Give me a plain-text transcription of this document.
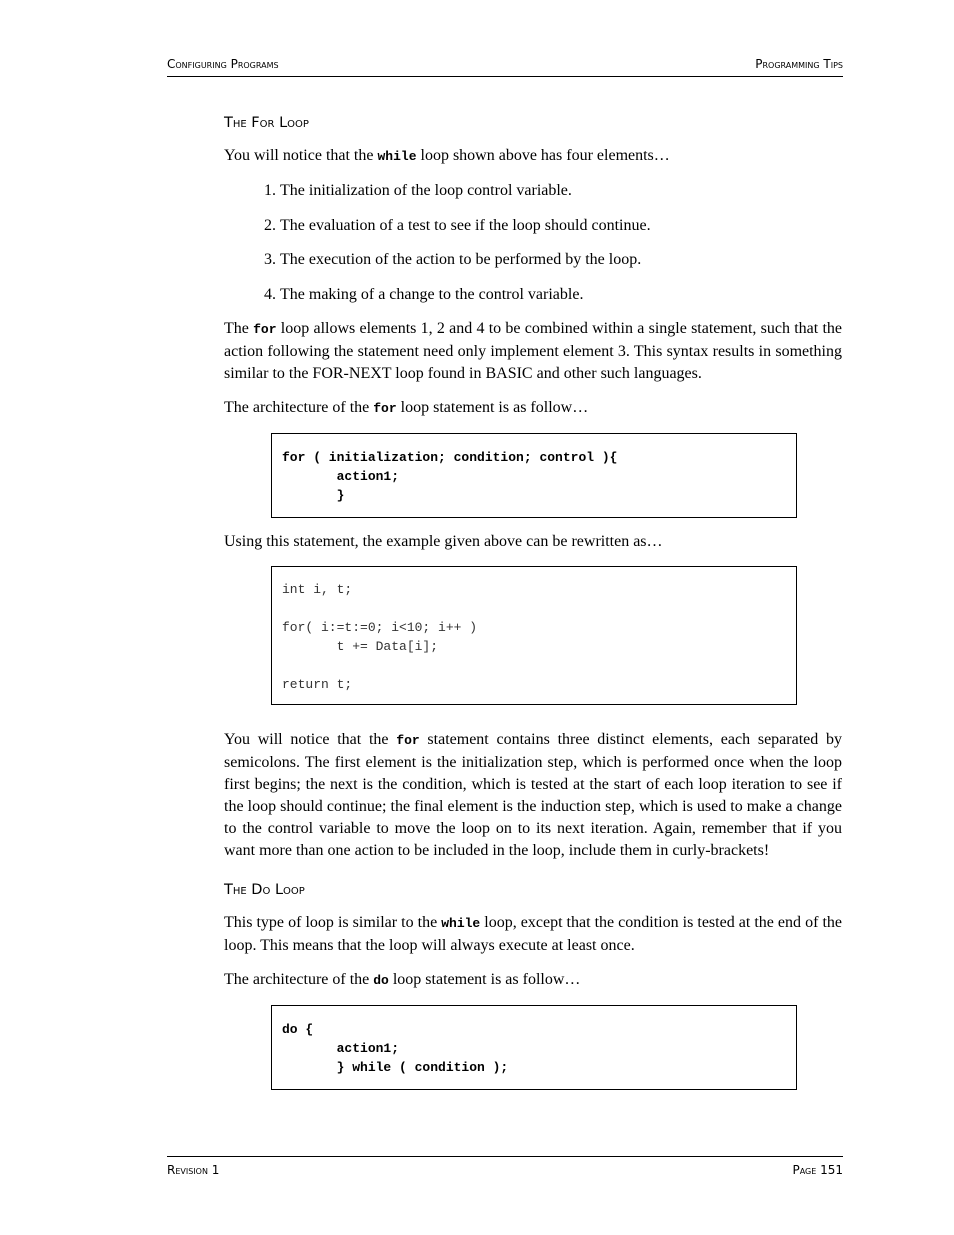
Configuring Programs	Programming Tips
The For Loop

You will notice that the while loop shown above has four elements…

1. The initialization of the loop control variable.
2. The evaluation of a test to see if the loop should continue.
3. The execution of the action to be performed by the loop.
4. The making of a change to the control variable.

The for loop allows elements 1, 2 and 4 to be combined within a single statement, such that the action following the statement need only implement element 3. This syntax results in something similar to the FOR-NEXT loop found in BASIC and other such languages.

The architecture of the for loop statement is as follow…

for ( initialization; condition; control ){
action1;
}

Using this statement, the example given above can be rewritten as…

int i, t;
for( i:=t:=0; i<10; i++ )
t += Data[i];
return t;

You will notice that the for statement contains three distinct elements, each separated by semicolons. The first element is the initialization step, which is performed once when the loop first begins; the next is the condition, which is tested at the start of each loop iteration to see if the loop should continue; the final element is the induction step, which is used to make a change to the control variable to move the loop on to its next iteration. Again, remember that if you want more than one action to be included in the loop, include them in curly-brackets!

The Do Loop

This type of loop is similar to the while loop, except that the condition is tested at the end of the loop. This means that the loop will always execute at least once.

The architecture of the do loop statement is as follow…

do {
action1;
} while ( condition );
Revision 1	Page 151
